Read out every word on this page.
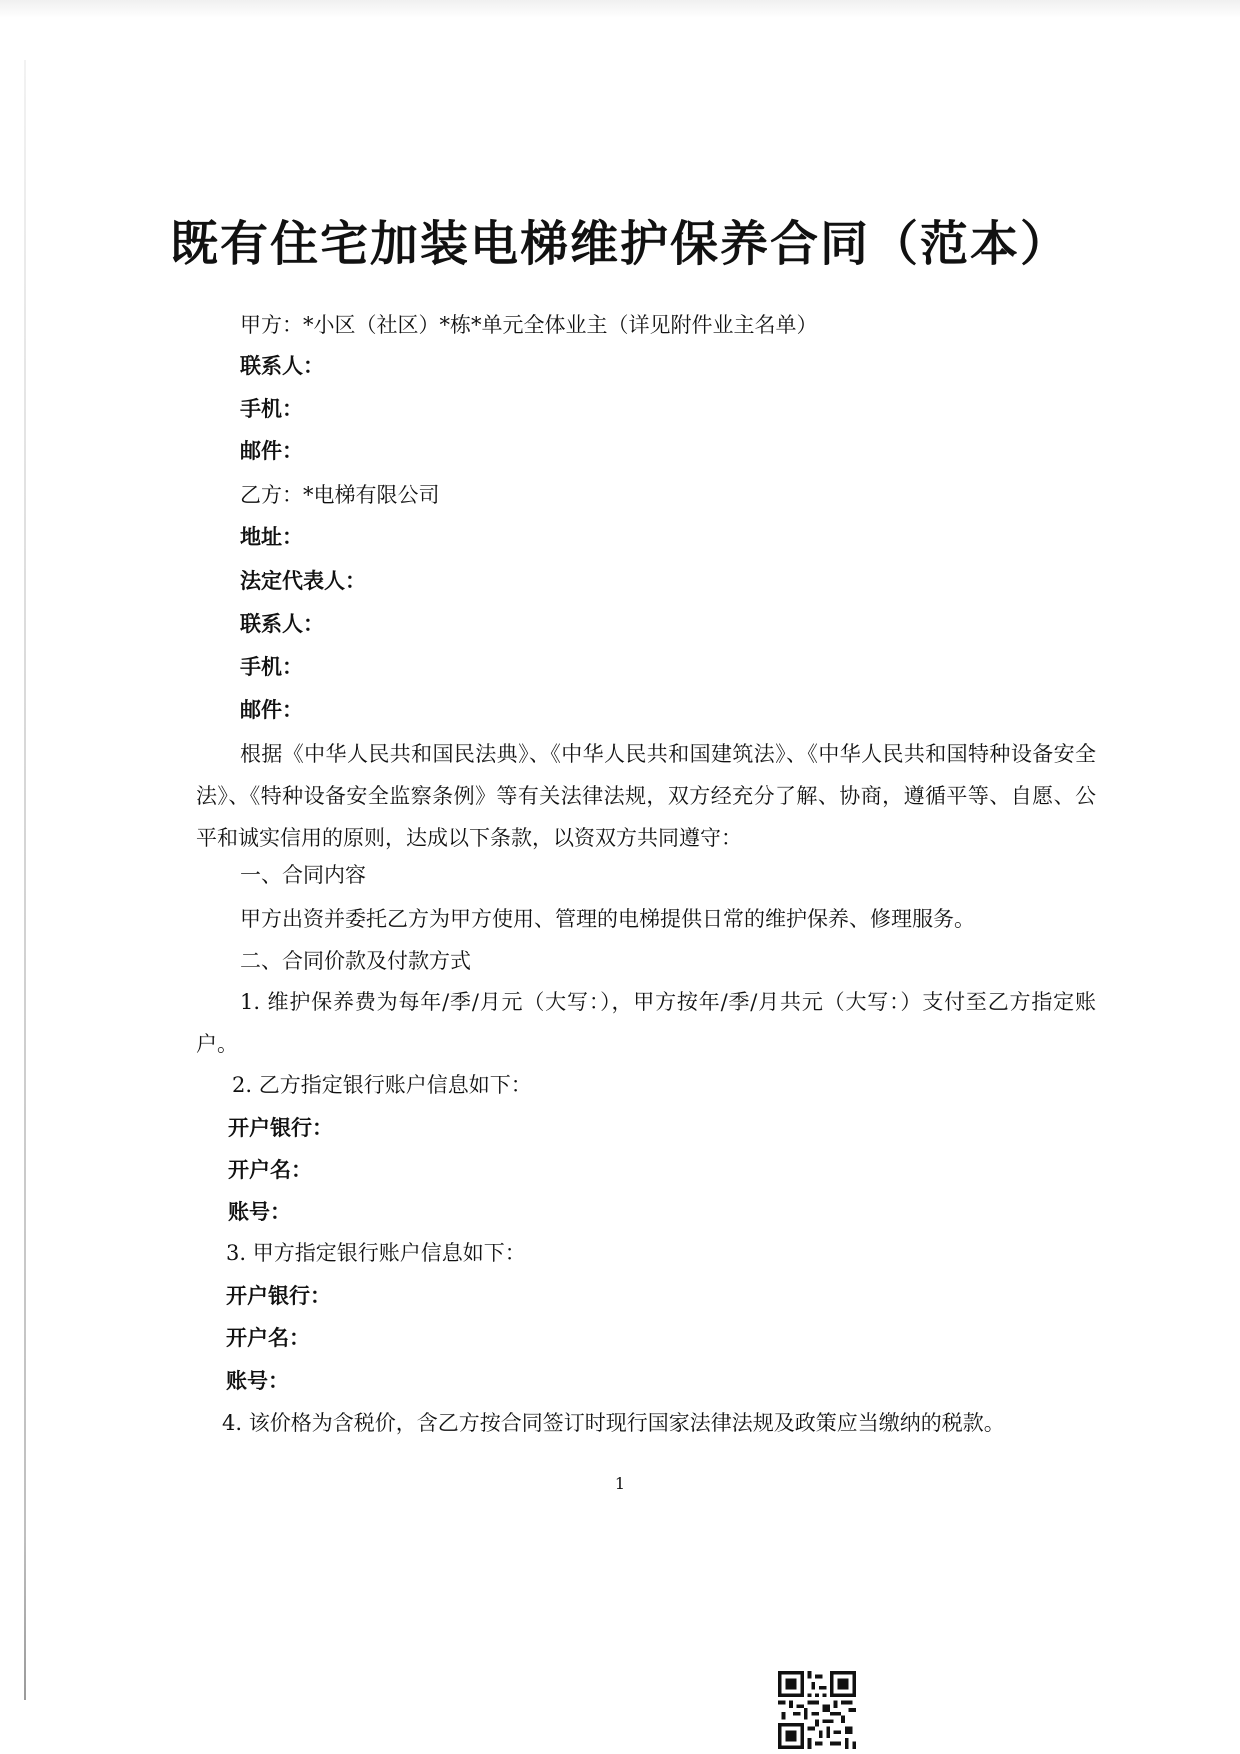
既有住宅加装电梯维护保养合同（范本）
甲方：*小区（社区）*栋*单元全体业主（详见附件业主名单）
联系人：
手机：
邮件：
乙方：*电梯有限公司
地址：
法定代表人：
联系人：
手机：
邮件：

根据《中华人民共和国民法典》、《中华人民共和国建筑法》、《中华人民共和国特种设备安全法》、《特种设备安全监察条例》等有关法律法规，双方经充分了解、协商，遵循平等、自愿、公平和诚实信用的原则，达成以下条款，以资双方共同遵守：

一、合同内容
甲方出资并委托乙方为甲方使用、管理的电梯提供日常的维护保养、修理服务。
二、合同价款及付款方式

1. 维护保养费为每年/季/月元（大写：），甲方按年/季/月共元（大写：）支付至乙方指定账户。

2. 乙方指定银行账户信息如下：
开户银行：
开户名：
账号：
3. 甲方指定银行账户信息如下：
开户银行：
开户名：
账号：
4. 该价格为含税价，含乙方按合同签订时现行国家法律法规及政策应当缴纳的税款。
1
